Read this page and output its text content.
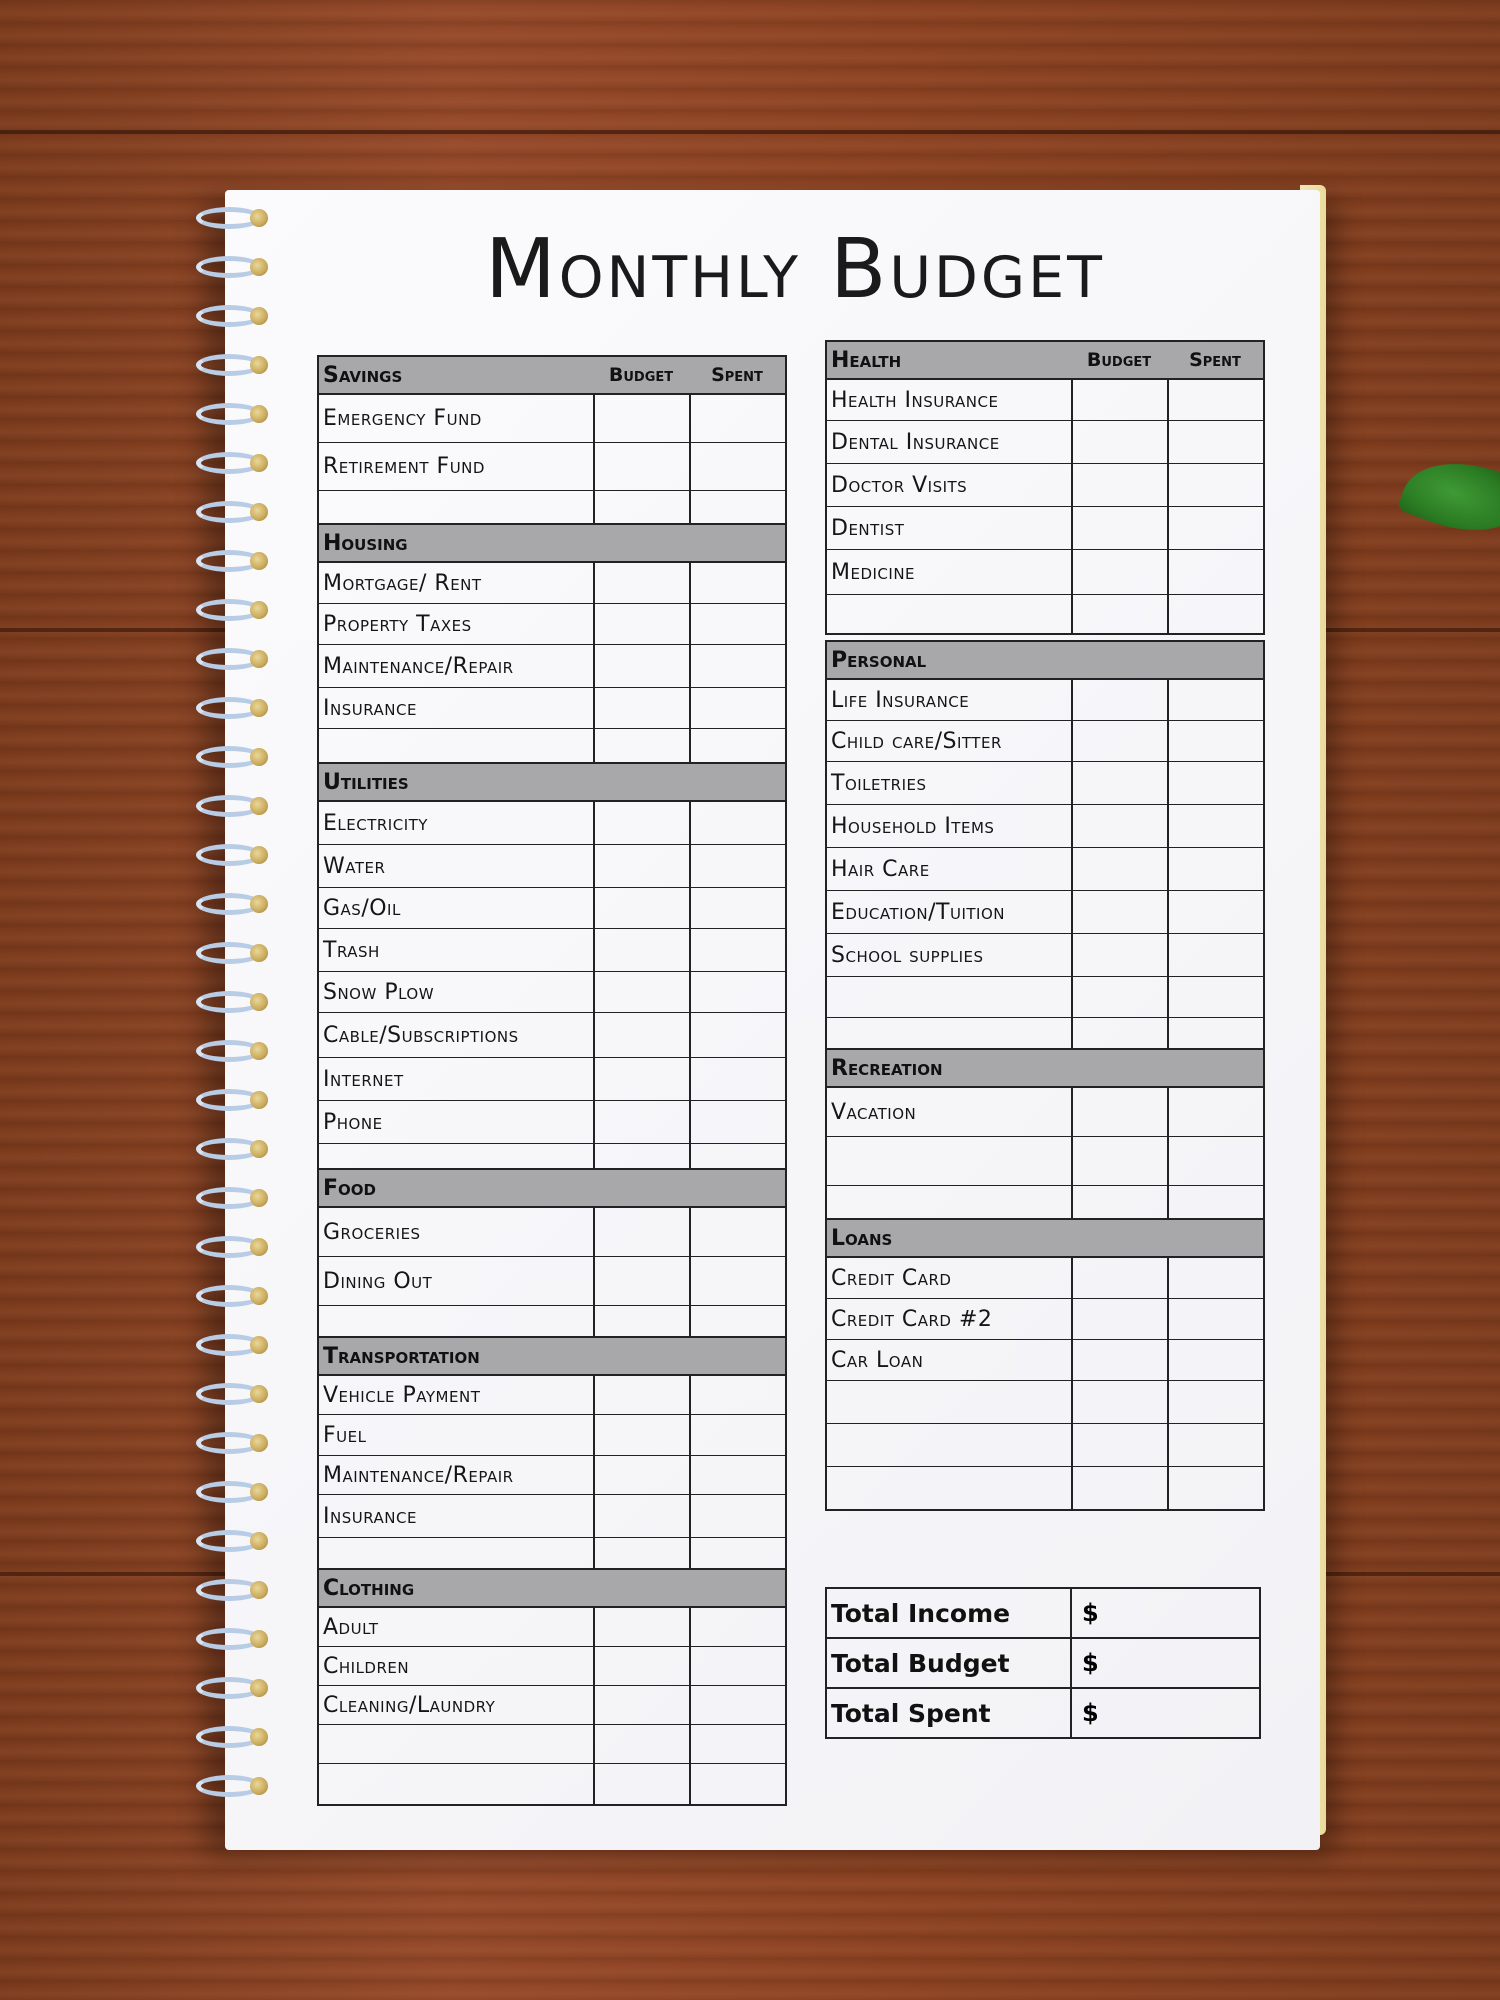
Monthly Budget
Savings	Budget	Spent
Emergency Fund
Retirement Fund
Housing
Mortgage/ Rent
Property Taxes
Maintenance/Repair
Insurance
Utilities
Electricity
Water
Gas/Oil
Trash
Snow Plow
Cable/Subscriptions
Internet
Phone
Food
Groceries
Dining Out
Transportation
Vehicle Payment
Fuel
Maintenance/Repair
Insurance
Clothing
Adult
Children
Cleaning/Laundry
Health	Budget	Spent
Health Insurance
Dental Insurance
Doctor Visits
Dentist
Medicine
Personal
Life Insurance
Child care/Sitter
Toiletries
Household Items
Hair Care
Education/Tuition
School supplies
Recreation
Vacation
Loans
Credit Card
Credit Card #2
Car Loan
Total Income	$
Total Budget	$
Total Spent	$
